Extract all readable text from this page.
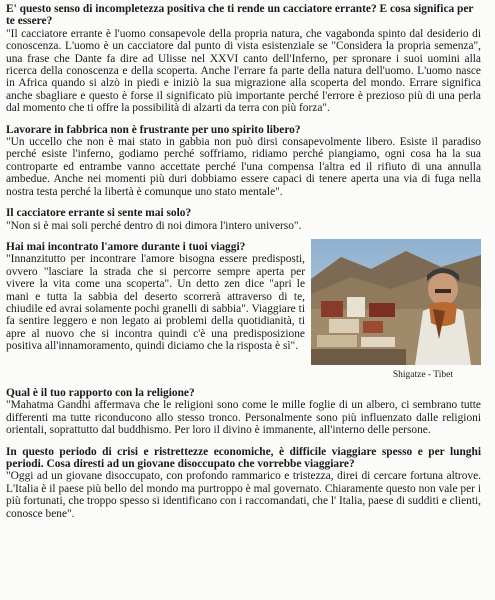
E' questo senso di incompletezza positiva che ti rende un cacciatore errante? E cosa significa per te essere?

"Il cacciatore errante è l'uomo consapevole della propria natura, che vagabonda spinto dal desiderio di conoscenza. L'uomo è un cacciatore dal punto di vista esistenziale se "Considera la propria semenza", una frase che Dante fa dire ad Ulisse nel XXVI canto dell'Inferno, per spronare i suoi uomini alla ricerca della conoscenza e della scoperta. Anche l'errare fa parte della natura dell'uomo. L'uomo nasce in Africa quando si alzò in piedi e iniziò la sua migrazione alla scoperta del mondo. Errare significa anche sbagliare e questo è forse il significato più importante perché l'errore è prezioso più di una perla dal momento che ti offre la possibilità di alzarti da terra con più forza".

Lavorare in fabbrica non è frustrante per uno spirito libero?

"Un uccello che non è mai stato in gabbia non può dirsi consapevolmente libero. Esiste il paradiso perché esiste l'inferno, godiamo perché soffriamo, ridiamo perché piangiamo, ogni cosa ha la sua controparte ed entrambe vanno accettate perché l'una compensa l'altra ed il rifiuto di una annulla ambedue. Anche nei momenti più duri dobbiamo essere capaci di tenere aperta una via di fuga nella nostra testa perché la libertà è comunque uno stato mentale".

Il cacciatore errante si sente mai solo?

"Non si è mai soli perché dentro di noi dimora l'intero universo".

Hai mai incontrato l'amore durante i tuoi viaggi?

"Innanzitutto per incontrare l'amore bisogna essere predisposti, ovvero "lasciare la strada che si percorre sempre aperta per vivere la vita come una scoperta". Un detto zen dice "apri le mani e tutta la sabbia del deserto scorrerà attraverso di te, chiudile ed avrai solamente pochi granelli di sabbia". Viaggiare ti fa sentire leggero e non legato ai problemi della quotidianità, ti apre al nuovo che si incontra quindi c'è una predisposizione positiva all'innamoramento, quindi diciamo che la risposta è sì".

Shigatze - Tibet

Qual è il tuo rapporto con la religione?

"Mahatma Gandhi affermava che le religioni sono come le mille foglie di un albero, ci sembrano tutte differenti ma tutte riconducono allo stesso tronco. Personalmente sono più influenzato dalle religioni orientali, soprattutto dal buddhismo. Per loro il divino è immanente, all'interno delle persone.

In questo periodo di crisi e ristrettezze economiche, è difficile viaggiare spesso e per lunghi periodi. Cosa diresti ad un giovane disoccupato che vorrebbe viaggiare?

"Oggi ad un giovane disoccupato, con profondo rammarico e tristezza, direi di cercare fortuna altrove. L'Italia è il paese più bello del mondo ma purtroppo è mal governato. Chiaramente questo non vale per i più fortunati, che troppo spesso si identificano con i raccomandati, che l' Italia, paese di sudditi e clienti, conosce bene".
